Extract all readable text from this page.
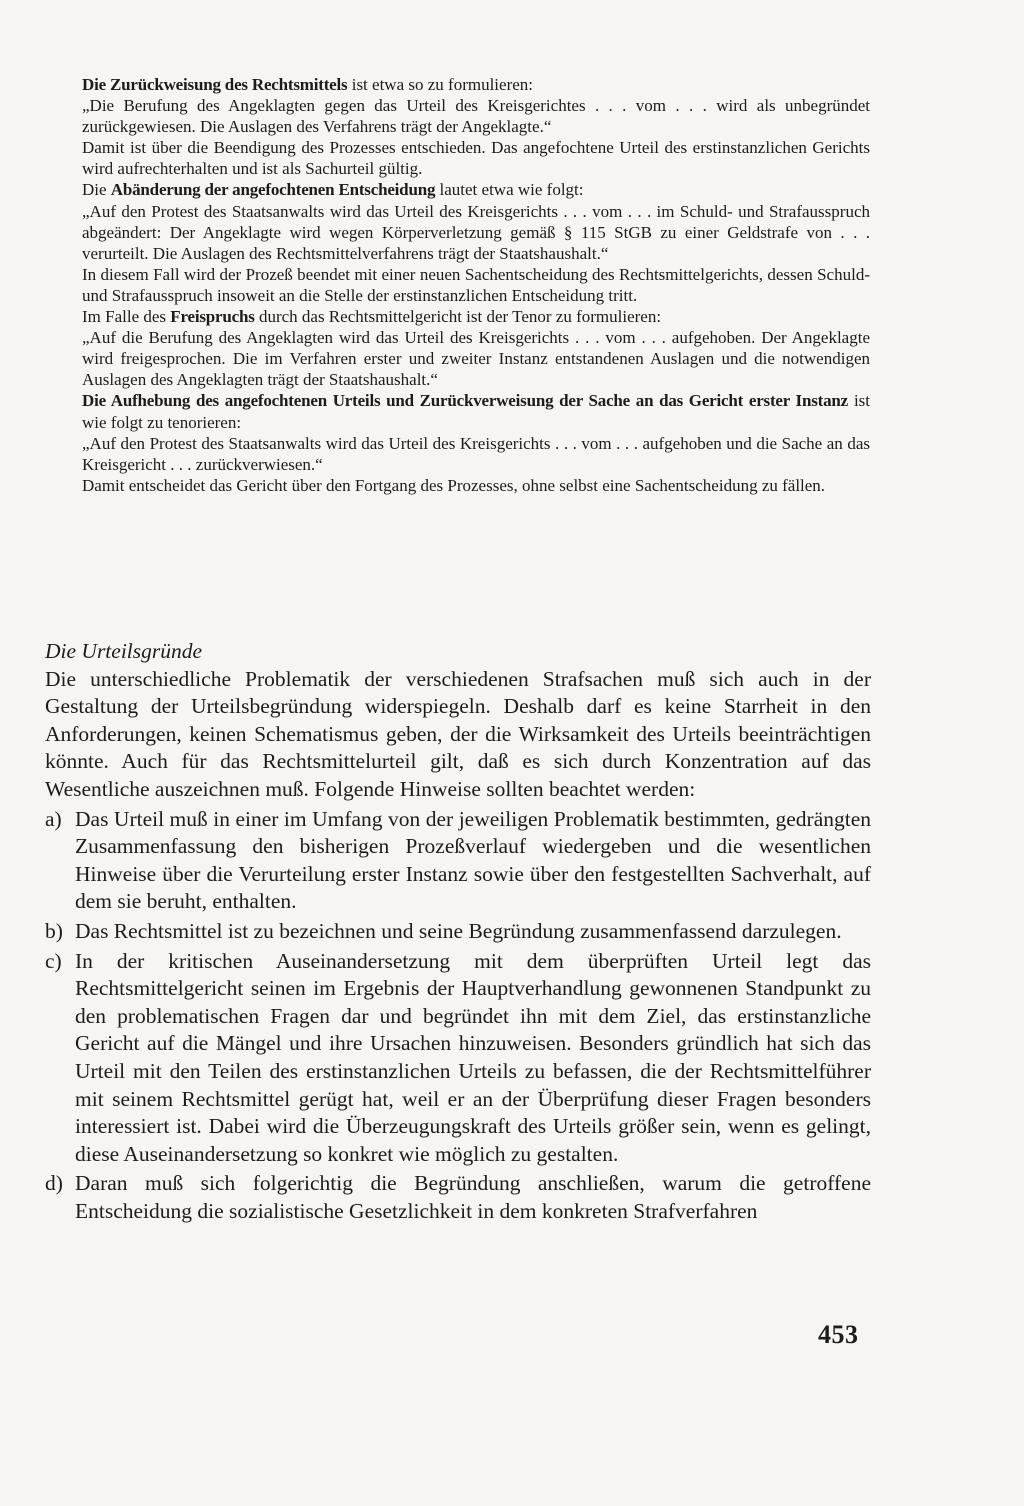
Die Zurückweisung des Rechtsmittels ist etwa so zu formulieren:

„Die Berufung des Angeklagten gegen das Urteil des Kreisgerichtes . . . vom . . . wird als unbegründet zurückgewiesen. Die Auslagen des Verfahrens trägt der Angeklagte.“

Damit ist über die Beendigung des Prozesses entschieden. Das angefochtene Urteil des erstinstanzlichen Gerichts wird aufrechterhalten und ist als Sachurteil gültig.

Die Abänderung der angefochtenen Entscheidung lautet etwa wie folgt:

„Auf den Protest des Staatsanwalts wird das Urteil des Kreisgerichts . . . vom . . . im Schuld- und Strafausspruch abgeändert: Der Angeklagte wird wegen Körperverletzung gemäß § 115 StGB zu einer Geldstrafe von . . . verurteilt. Die Auslagen des Rechtsmittelverfahrens trägt der Staatshaushalt.“

In diesem Fall wird der Prozeß beendet mit einer neuen Sachentscheidung des Rechtsmittelgerichts, dessen Schuld- und Strafausspruch insoweit an die Stelle der erstinstanzlichen Entscheidung tritt.

Im Falle des Freispruchs durch das Rechtsmittelgericht ist der Tenor zu formulieren:

„Auf die Berufung des Angeklagten wird das Urteil des Kreisgerichts . . . vom . . . aufgehoben. Der Angeklagte wird freigesprochen. Die im Verfahren erster und zweiter Instanz entstandenen Auslagen und die notwendigen Auslagen des Angeklagten trägt der Staatshaushalt.“

Die Aufhebung des angefochtenen Urteils und Zurückverweisung der Sache an das Gericht erster Instanz ist wie folgt zu tenorieren:

„Auf den Protest des Staatsanwalts wird das Urteil des Kreisgerichts . . . vom . . . aufgehoben und die Sache an das Kreisgericht . . . zurückverwiesen.“

Damit entscheidet das Gericht über den Fortgang des Prozesses, ohne selbst eine Sachentscheidung zu fällen.

Die Urteilsgründe

Die unterschiedliche Problematik der verschiedenen Strafsachen muß sich auch in der Gestaltung der Urteilsbegründung widerspiegeln. Deshalb darf es keine Starrheit in den Anforderungen, keinen Schematismus geben, der die Wirksamkeit des Urteils beeinträchtigen könnte. Auch für das Rechtsmittelurteil gilt, daß es sich durch Konzentration auf das Wesentliche auszeichnen muß. Folgende Hinweise sollten beachtet werden:

a) Das Urteil muß in einer im Umfang von der jeweiligen Problematik bestimmten, gedrängten Zusammenfassung den bisherigen Prozeßverlauf wiedergeben und die wesentlichen Hinweise über die Verurteilung erster Instanz sowie über den festgestellten Sachverhalt, auf dem sie beruht, enthalten.
b) Das Rechtsmittel ist zu bezeichnen und seine Begründung zusammenfassend darzulegen.
c) In der kritischen Auseinandersetzung mit dem überprüften Urteil legt das Rechtsmittelgericht seinen im Ergebnis der Hauptverhandlung gewonnenen Standpunkt zu den problematischen Fragen dar und begründet ihn mit dem Ziel, das erstinstanzliche Gericht auf die Mängel und ihre Ursachen hinzuweisen. Besonders gründlich hat sich das Urteil mit den Teilen des erstinstanzlichen Urteils zu befassen, die der Rechtsmittelführer mit seinem Rechtsmittel gerügt hat, weil er an der Überprüfung dieser Fragen besonders interessiert ist. Dabei wird die Überzeugungskraft des Urteils größer sein, wenn es gelingt, diese Auseinandersetzung so konkret wie möglich zu gestalten.
d) Daran muß sich folgerichtig die Begründung anschließen, warum die getroffene Entscheidung die sozialistische Gesetzlichkeit in dem konkreten Strafverfahren
453
